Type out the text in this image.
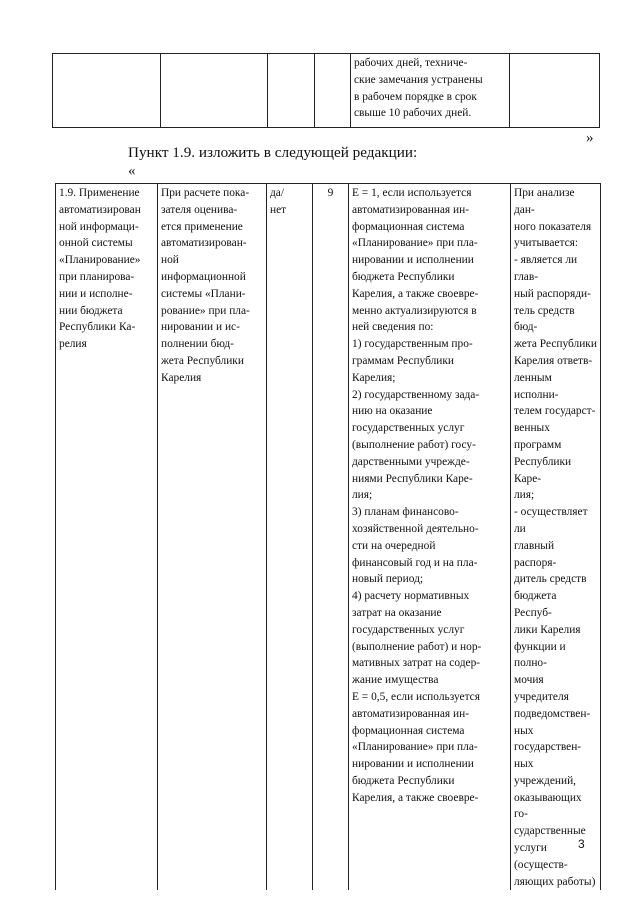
				рабочих дней, техниче-
ские замечания устранены
в рабочем порядке в срок
свыше 10 рабочих дней.	
»
Пункт 1.9. изложить в следующей редакции:
«
1.9. Применение
автоматизирован
ной информаци-
онной системы
«Планирование»
при планирова-
нии и исполне-
нии бюджета
Республики Ка-
релия	При расчете пока-
зателя оценива-
ется применение
автоматизирован-
ной
информационной
системы «Плани-
рование» при пла-
нировании и ис-
полнении бюд-
жета Республики
Карелия	да/
нет	9	Е = 1, если используется
автоматизированная ин-
формационная система
«Планирование» при пла-
нировании и исполнении
бюджета Республики
Карелия, а также своевре-
менно актуализируются в
ней сведения по:
1) государственным про-
граммам Республики
Карелия;
2) государственному зада-
нию на оказание
государственных услуг
(выполнение работ) госу-
дарственными учрежде-
ниями Республики Каре-
лия;
3) планам финансово-
хозяйственной деятельно-
сти на очередной
финансовый год и на пла-
новый период;
4) расчету нормативных
затрат на оказание
государственных услуг
(выполнение работ) и нор-
мативных затрат на содер-
жание имущества
Е = 0,5, если используется
автоматизированная ин-
формационная система
«Планирование» при пла-
нировании и исполнении
бюджета Республики
Карелия, а также своевре-	При анализе дан-
ного показателя
учитывается:
- является ли глав-
ный распоряди-
тель средств бюд-
жета Республики
Карелия ответв-
ленным исполни-
телем государст-
венных программ
Республики Каре-
лия;
- осуществляет ли
главный распоря-
дитель средств
бюджета Респуб-
лики Карелия
функции и полно-
мочия учредителя
подведомствен-
ных государствен-
ных учреждений,
оказывающих го-
сударственные
услуги (осуществ-
ляющих работы)
3
